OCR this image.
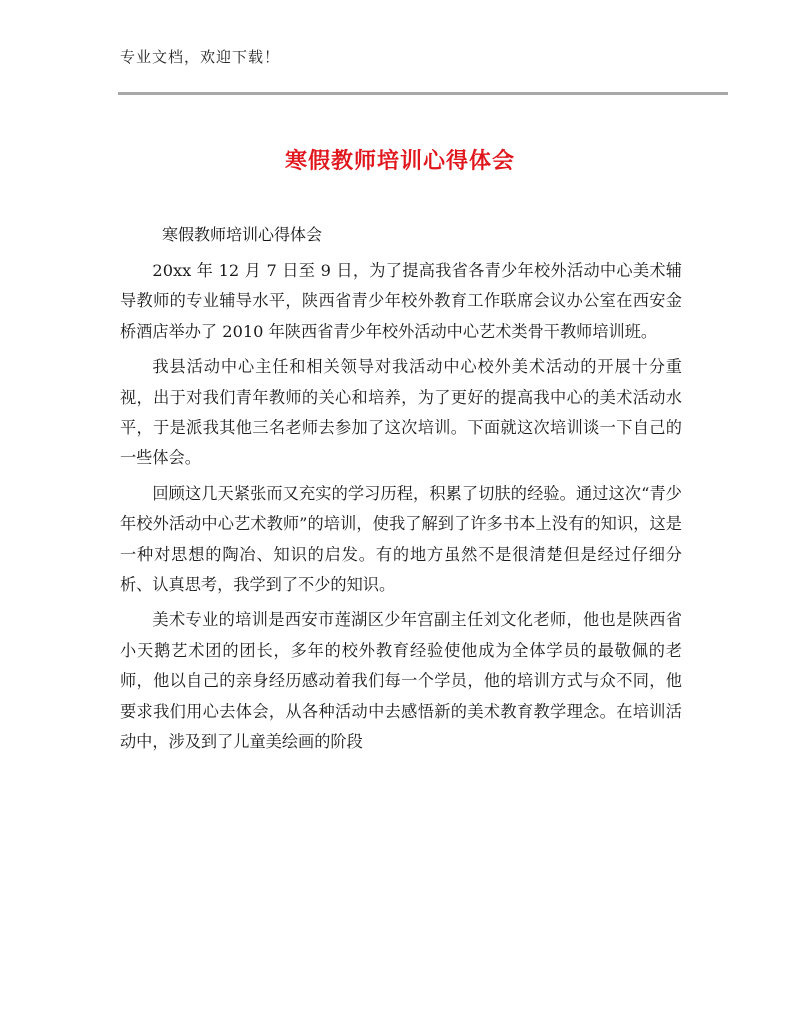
专业文档，欢迎下载！
寒假教师培训心得体会
寒假教师培训心得体会

20xx 年 12 月 7 日至 9 日，为了提高我省各青少年校外活动中心美术辅导教师的专业辅导水平，陕西省青少年校外教育工作联席会议办公室在西安金桥酒店举办了 2010 年陕西省青少年校外活动中心艺术类骨干教师培训班。

我县活动中心主任和相关领导对我活动中心校外美术活动的开展十分重视，出于对我们青年教师的关心和培养，为了更好的提高我中心的美术活动水平，于是派我其他三名老师去参加了这次培训。下面就这次培训谈一下自己的一些体会。

回顾这几天紧张而又充实的学习历程，积累了切肤的经验。通过这次“青少年校外活动中心艺术教师”的培训，使我了解到了许多书本上没有的知识，这是一种对思想的陶冶、知识的启发。有的地方虽然不是很清楚但是经过仔细分析、认真思考，我学到了不少的知识。

美术专业的培训是西安市莲湖区少年宫副主任刘文化老师，他也是陕西省小天鹅艺术团的团长，多年的校外教育经验使他成为全体学员的最敬佩的老师，他以自己的亲身经历感动着我们每一个学员，他的培训方式与众不同，他要求我们用心去体会，从各种活动中去感悟新的美术教育教学理念。在培训活动中，涉及到了儿童美绘画的阶段
